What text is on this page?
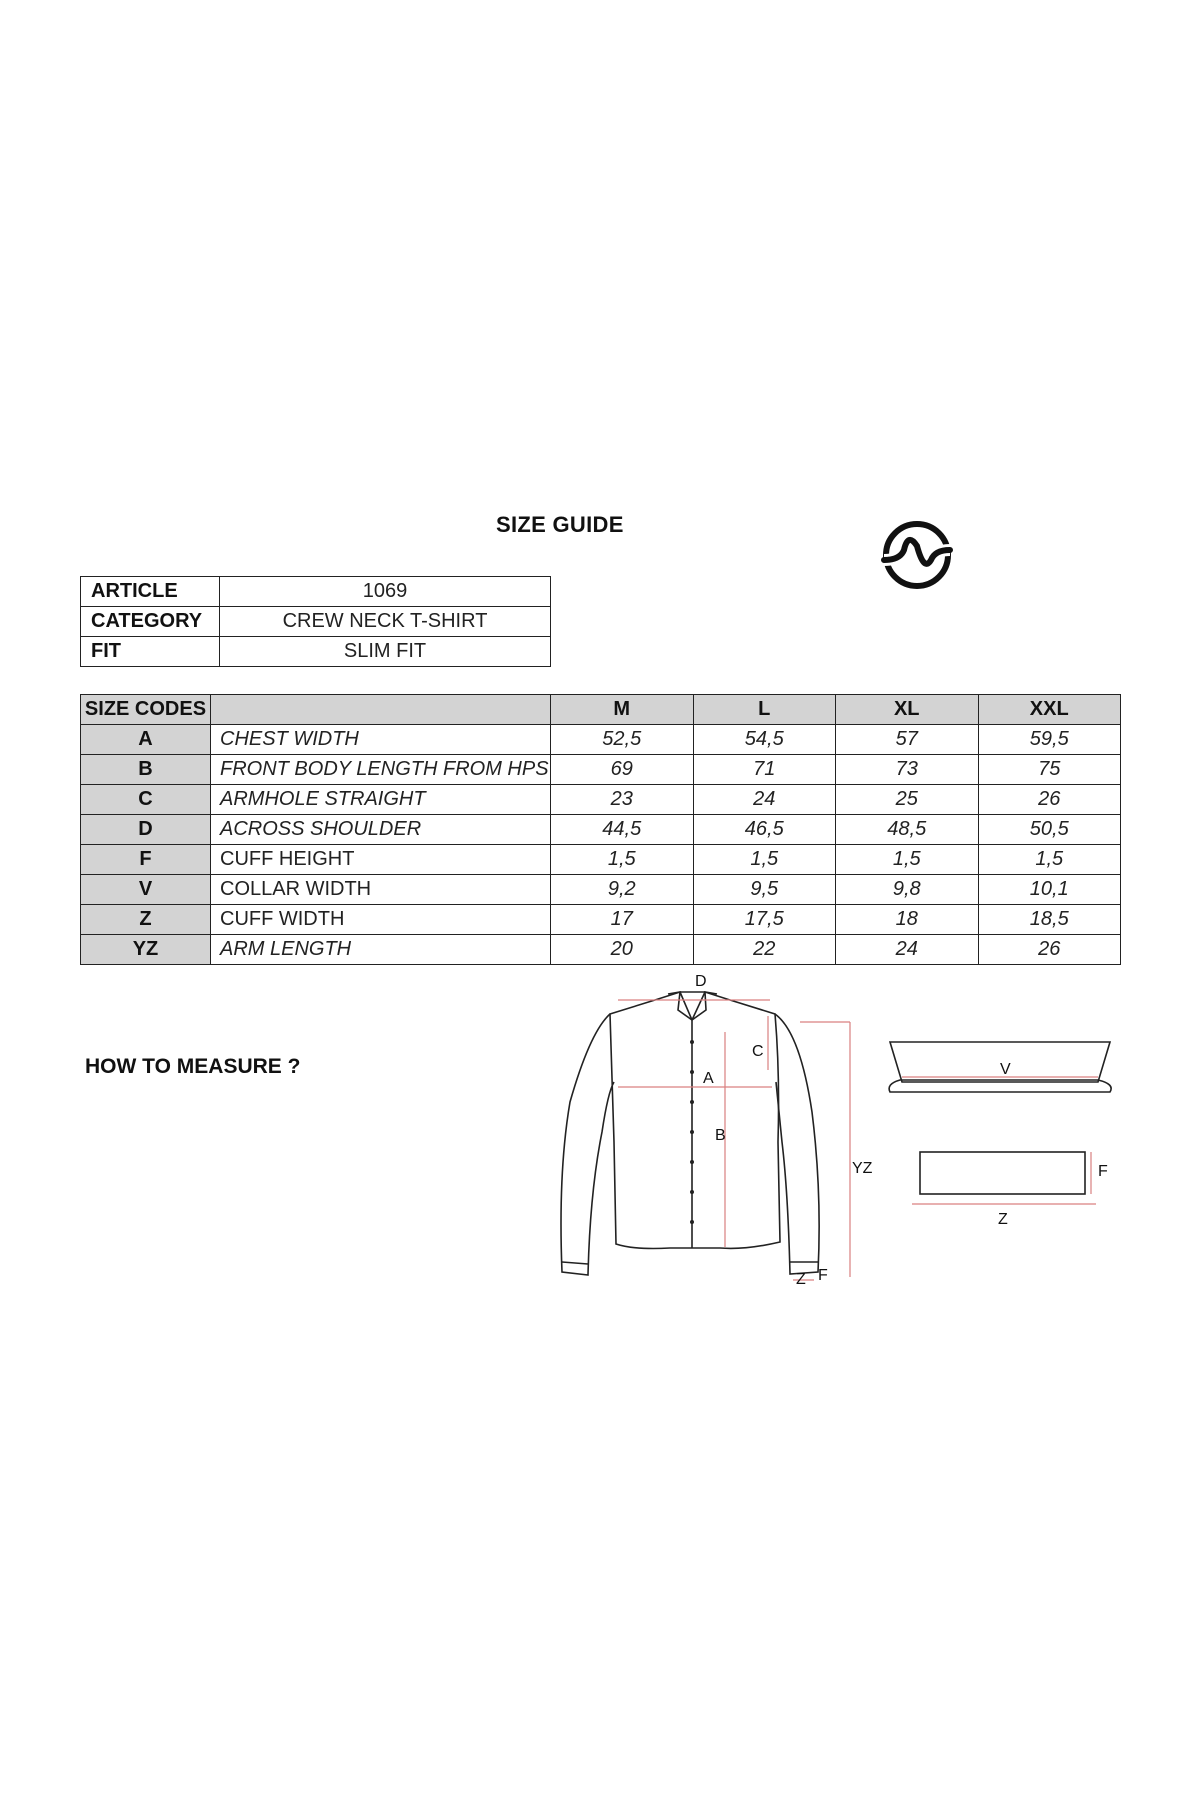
SIZE GUIDE
ARTICLE	1069
CATEGORY	CREW NECK T-SHIRT
FIT	SLIM FIT
SIZE CODES		M	L	XL	XXL
A	CHEST WIDTH	52,5	54,5	57	59,5
B	FRONT BODY LENGTH FROM HPS	69	71	73	75
C	ARMHOLE STRAIGHT	23	24	25	26
D	ACROSS SHOULDER	44,5	46,5	48,5	50,5
F	CUFF HEIGHT	1,5	1,5	1,5	1,5
V	COLLAR WIDTH	9,2	9,5	9,8	10,1
Z	CUFF WIDTH	17	17,5	18	18,5
YZ	ARM LENGTH	20	22	24	26
HOW TO MEASURE ?
D
A
B
C
YZ
Z F
V
Z
F
